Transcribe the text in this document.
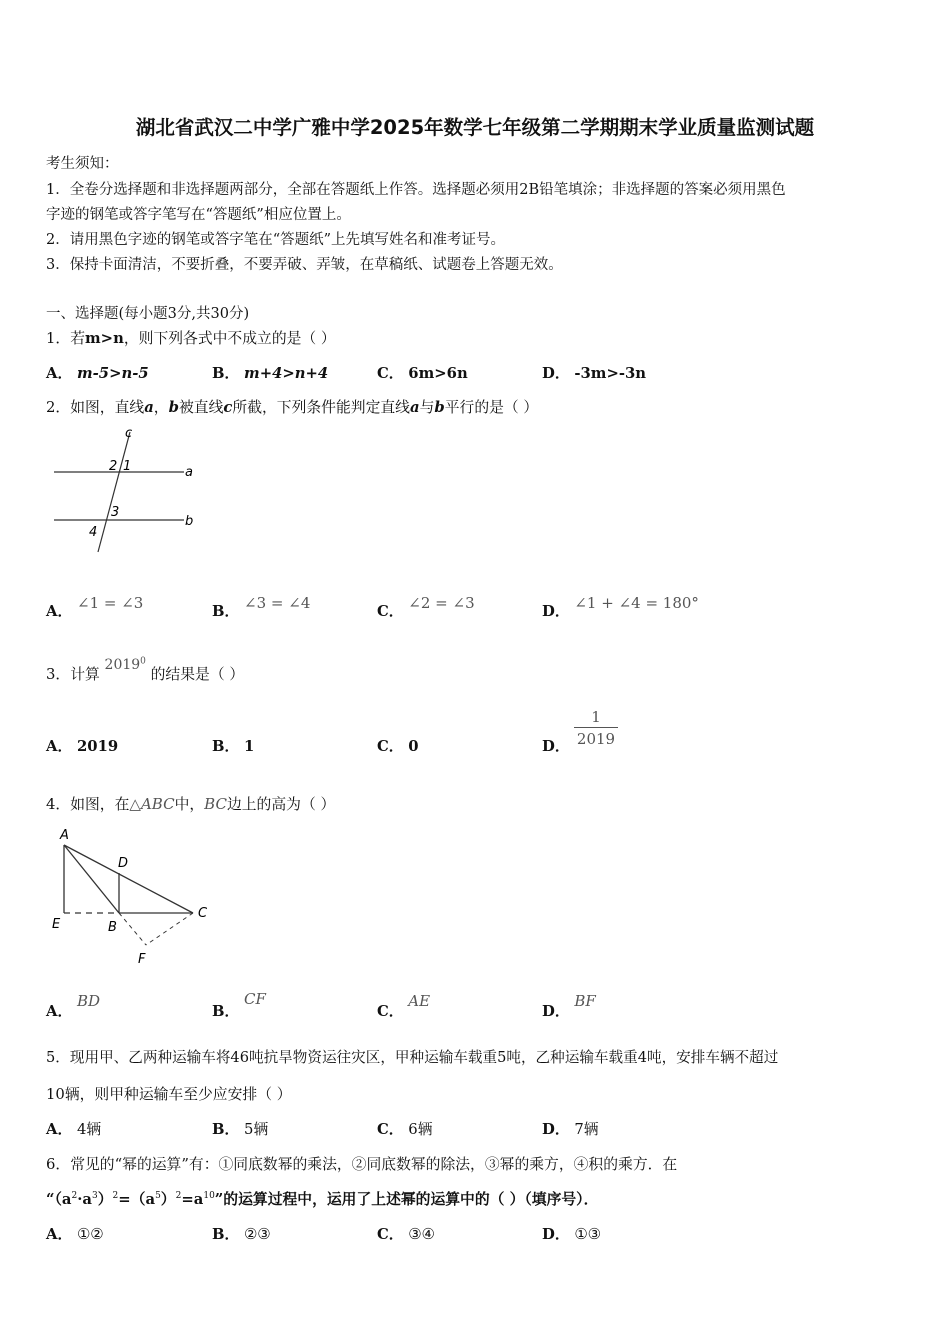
湖北省武汉二中学广雅中学2025年数学七年级第二学期期末学业质量监测试题
考生须知：
1．全卷分选择题和非选择题两部分，全部在答题纸上作答。选择题必须用2B铅笔填涂；非选择题的答案必须用黑色
字迹的钢笔或答字笔写在“答题纸”相应位置上。
2．请用黑色字迹的钢笔或答字笔在“答题纸”上先填写姓名和准考证号。
3．保持卡面清洁，不要折叠，不要弄破、弄皱，在草稿纸、试题卷上答题无效。
一、选择题(每小题3分,共30分)
1．若m>n，则下列各式中不成立的是（ ）
A． m-5>n-5	B． m+4>n+4	C． 6m>6n	D． -3m>-3n
2．如图，直线a，b被直线c所截，下列条件能判定直线a与b平行的是（ ）
c
a
b
2 1
3
4
A． ∠1 = ∠3	B． ∠3 = ∠4	C． ∠2 = ∠3	D． ∠1 + ∠4 = 180°
3．计算 2019$^0$ 的结果是（ ）
A． 2019	B． 1	C． 0	D．
1
2019
4．如图，在△ABC中，BC边上的高为（ ）
A
D
E	B
C
F
A． BD
B． CF
C． AE
D． BF
5．现用甲、乙两种运输车将46吨抗旱物资运往灾区，甲种运输车载重5吨，乙种运输车载重4吨，安排车辆不超过
10辆，则甲种运输车至少应安排（ ）
A． 4辆	B． 5辆	C． 6辆	D． 7辆
6．常见的“幂的运算”有：①同底数幂的乘法，②同底数幂的除法，③幂的乘方，④积的乘方．在
“$(a^2\cdot a^3)^2=(a^5)^2=a^{10}$”的运算过程中，运用了上述幂的运算中的（ ）（填序号）．
A． ①②	B． ②③	C． ③④	D． ①③
